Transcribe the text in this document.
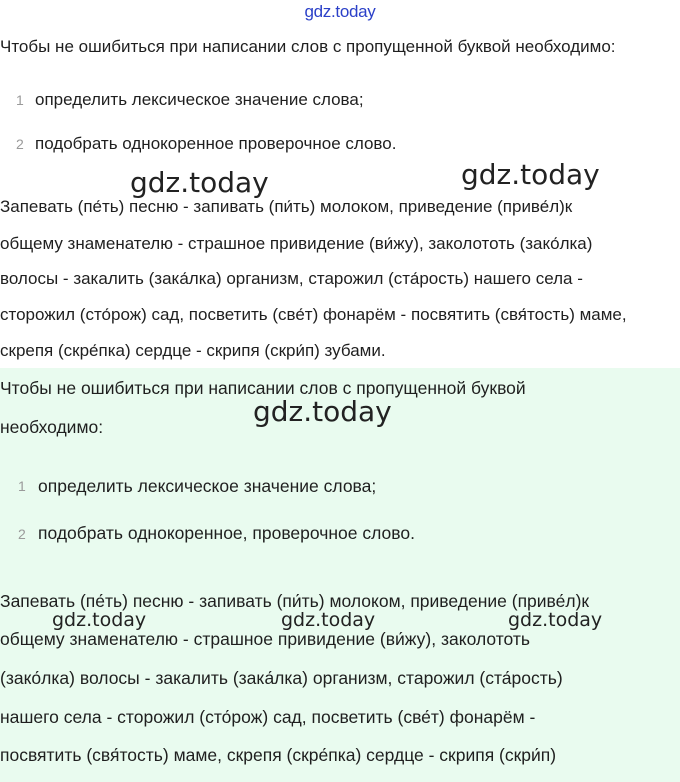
gdz.today
Чтобы не ошибиться при написании слов с пропущенной буквой необходимо:
1 определить лексическое значение слова;
2 подобрать однокоренное проверочное слово.
gdz.today	gdz.today
Запевать (пе́ть) песню - запивать (пи́ть) молоком, приведение (приве́л)к
общему знаменателю - страшное привидение (ви́жу), заколототь (зако́лка)
волосы - закалить (зака́лка) организм, старожил (ста́рость) нашего села -
сторожил (сто́рож) сад, посветить (све́т) фонарём - посвятить (свя́тость) маме,
скрепя (скре́пка) сердце - скрипя (скри́п) зубами.
Чтобы не ошибиться при написании слов с пропущенной буквой
gdz.today
необходимо:
1 определить лексическое значение слова;
2 подобрать однокоренное, проверочное слово.
Запевать (пе́ть) песню - запивать (пи́ть) молоком, приведение (приве́л)к
gdz.today	gdz.today	gdz.today
общему знаменателю - страшное привидение (ви́жу), заколототь
(зако́лка) волосы - закалить (зака́лка) организм, старожил (ста́рость)
нашего села - сторожил (сто́рож) сад, посветить (све́т) фонарём -
посвятить (свя́тость) маме, скрепя (скре́пка) сердце - скрипя (скри́п)
